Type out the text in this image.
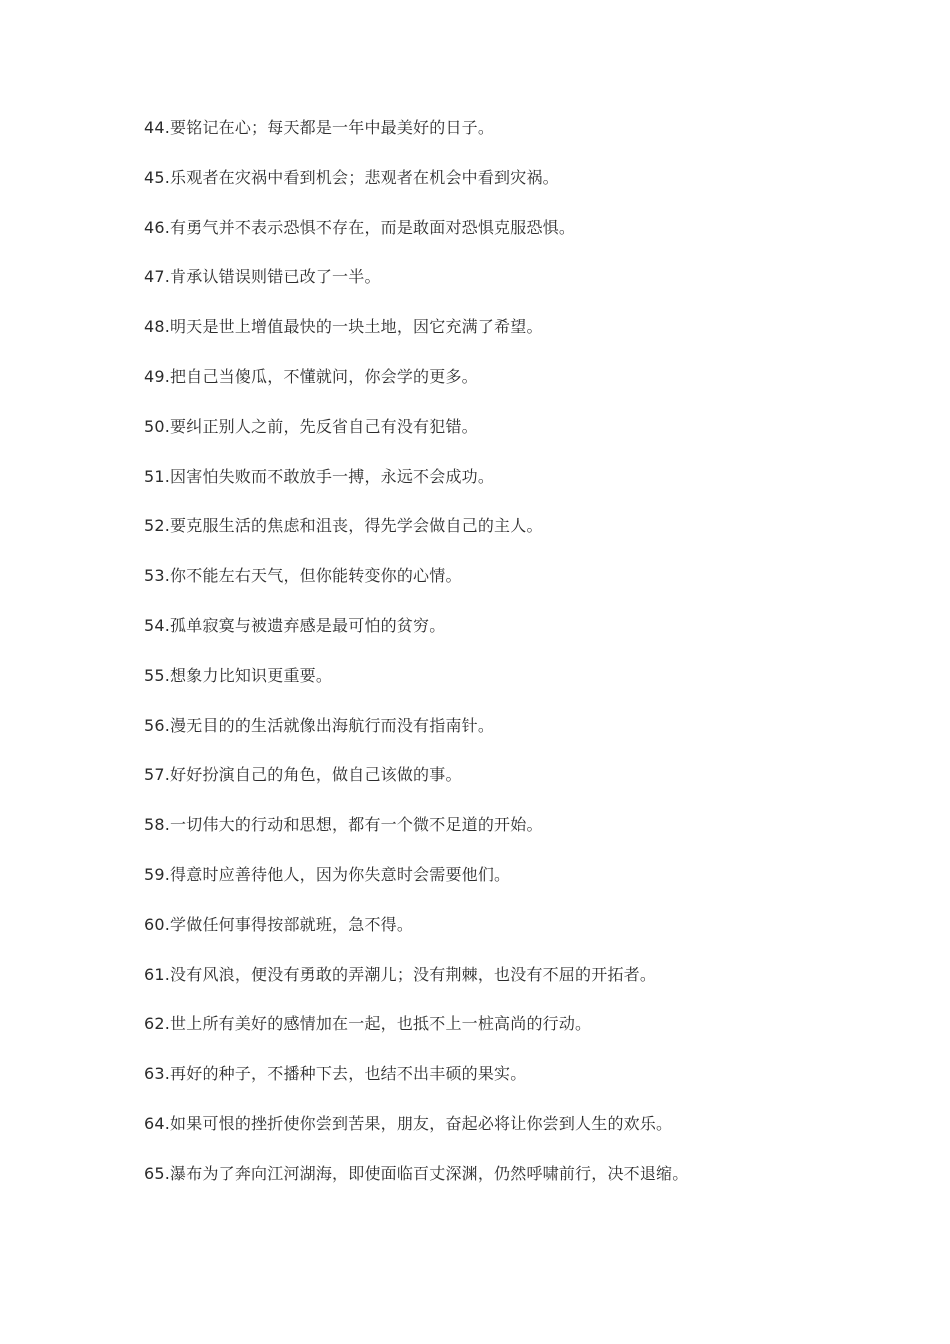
44.要铭记在心；每天都是一年中最美好的日子。
45.乐观者在灾祸中看到机会；悲观者在机会中看到灾祸。
46.有勇气并不表示恐惧不存在，而是敢面对恐惧克服恐惧。
47.肯承认错误则错已改了一半。
48.明天是世上增值最快的一块土地，因它充满了希望。
49.把自己当傻瓜，不懂就问，你会学的更多。
50.要纠正别人之前，先反省自己有没有犯错。
51.因害怕失败而不敢放手一搏，永远不会成功。
52.要克服生活的焦虑和沮丧，得先学会做自己的主人。
53.你不能左右天气，但你能转变你的心情。
54.孤单寂寞与被遗弃感是最可怕的贫穷。
55.想象力比知识更重要。
56.漫无目的的生活就像出海航行而没有指南针。
57.好好扮演自己的角色，做自己该做的事。
58.一切伟大的行动和思想，都有一个微不足道的开始。
59.得意时应善待他人，因为你失意时会需要他们。
60.学做任何事得按部就班，急不得。
61.没有风浪，便没有勇敢的弄潮儿；没有荆棘，也没有不屈的开拓者。
62.世上所有美好的感情加在一起，也抵不上一桩高尚的行动。
63.再好的种子，不播种下去，也结不出丰硕的果实。
64.如果可恨的挫折使你尝到苦果，朋友，奋起必将让你尝到人生的欢乐。
65.瀑布为了奔向江河湖海，即使面临百丈深渊，仍然呼啸前行，决不退缩。
